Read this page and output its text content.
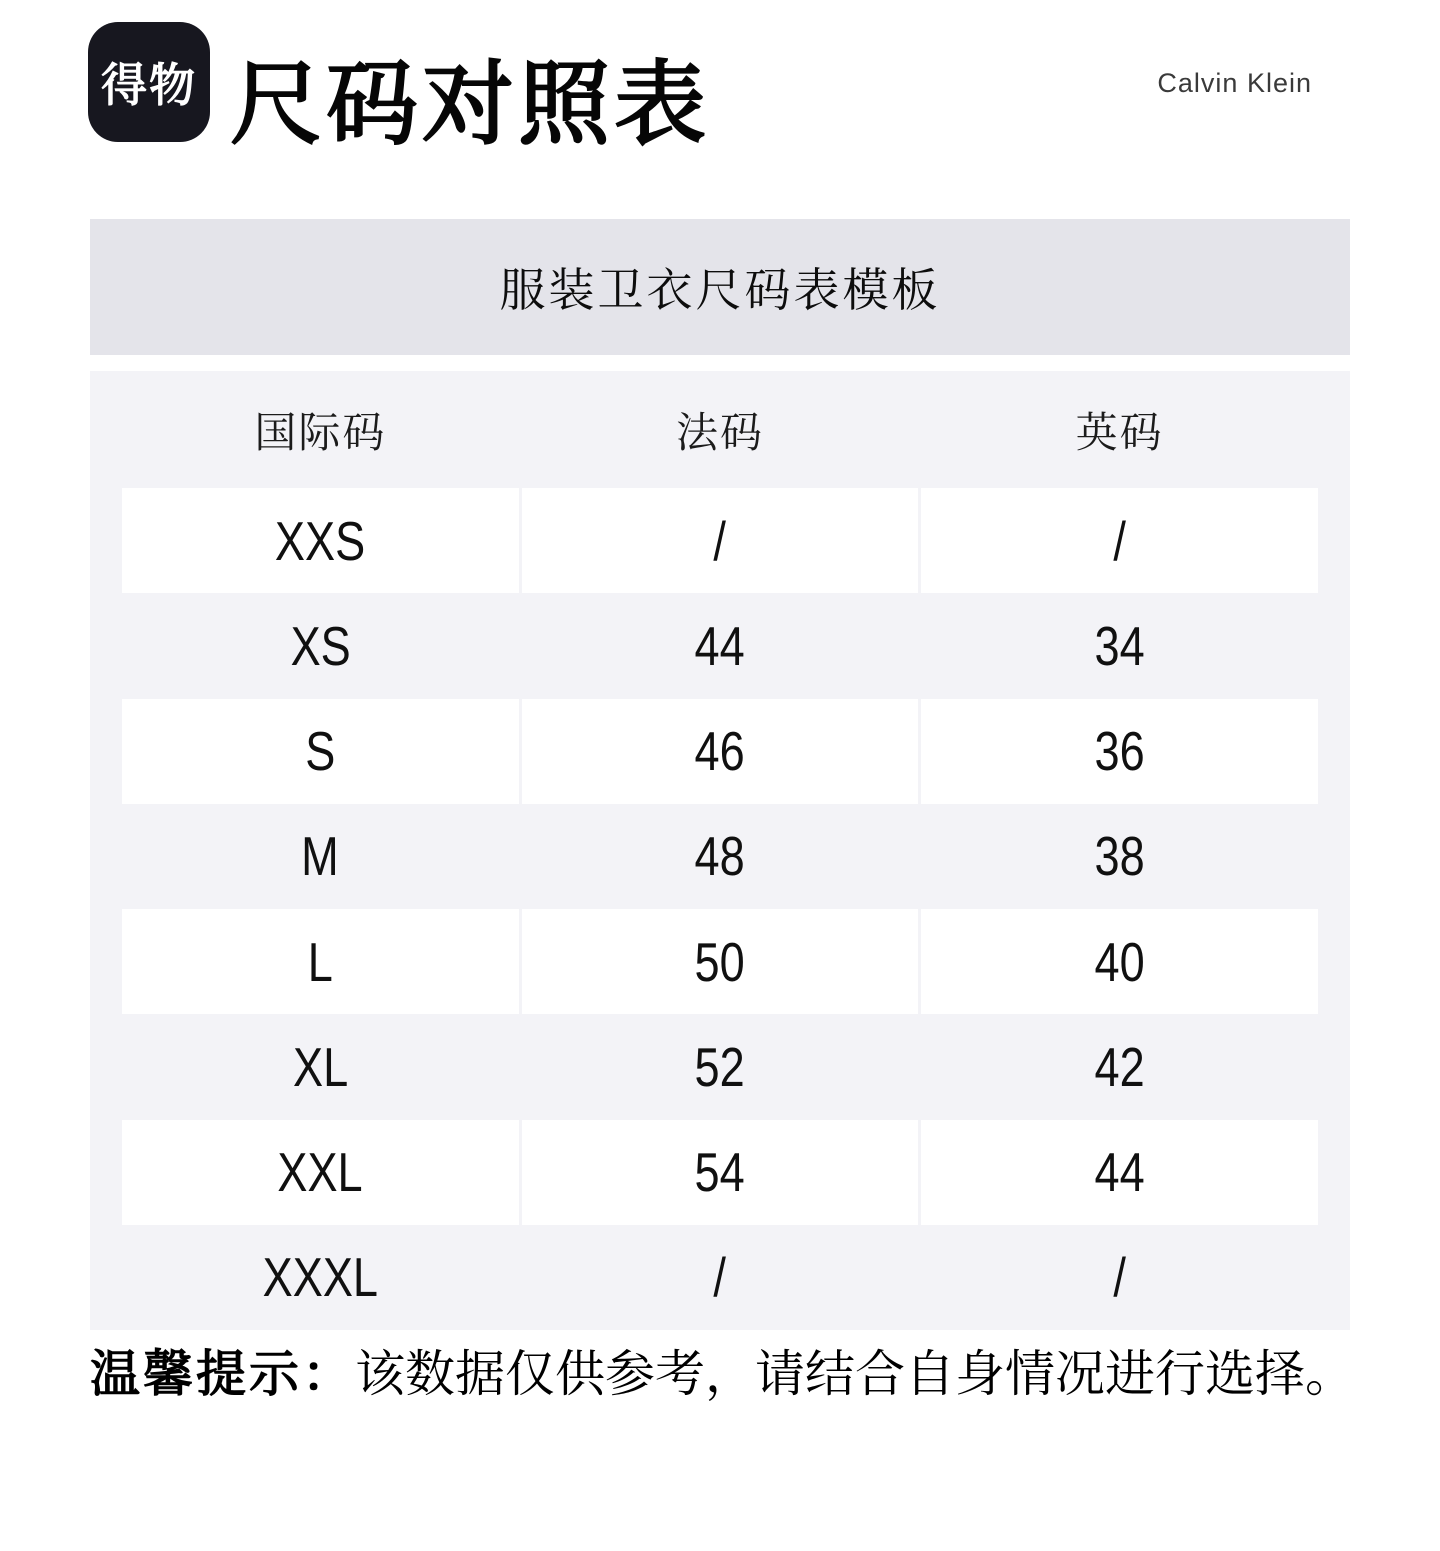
得物 尺码对照表	Calvin Klein
服装卫衣尺码表模板
国际码	法码	英码
XXS	/	/
XS	44	34
S	46	36
M	48	38
L	50	40
XL	52	42
XXL	54	44
XXXL	/	/

温馨提示：该数据仅供参考，请结合自身情况进行选择。
